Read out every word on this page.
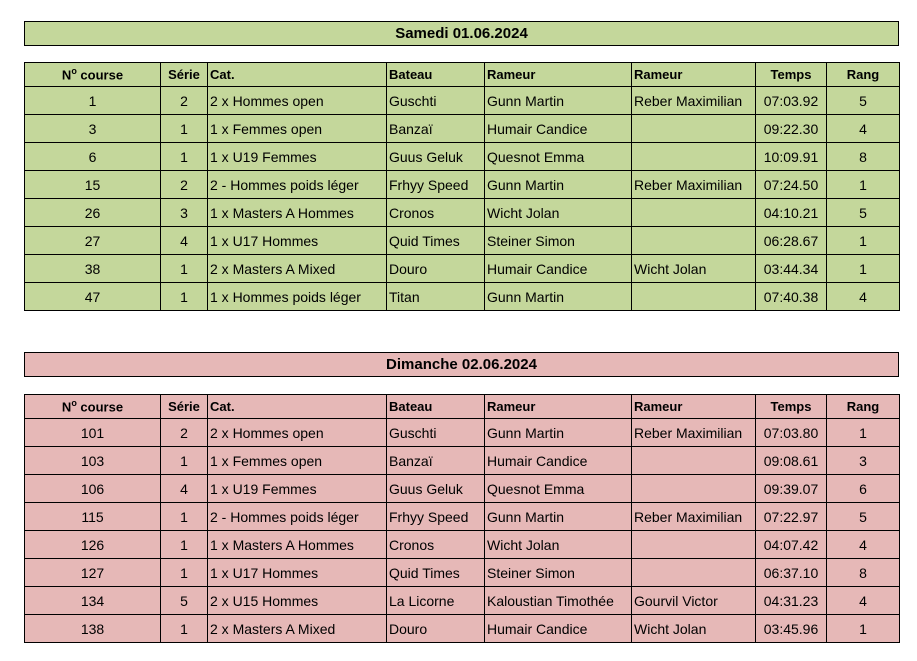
Samedi 01.06.2024
$N^o$ course	Série	Cat.	Bateau	Rameur	Rameur	Temps	Rang
1	2	2 x Hommes open	Guschti	Gunn Martin	Reber Maximilian	07:03.92	5
3	1	1 x Femmes open	Banzaï	Humair Candice		09:22.30	4
6	1	1 x U19 Femmes	Guus Geluk	Quesnot Emma		10:09.91	8
15	2	2 - Hommes poids léger	Frhyy Speed	Gunn Martin	Reber Maximilian	07:24.50	1
26	3	1 x Masters A Hommes	Cronos	Wicht Jolan		04:10.21	5
27	4	1 x U17 Hommes	Quid Times	Steiner Simon		06:28.67	1
38	1	2 x Masters A Mixed	Douro	Humair Candice	Wicht Jolan	03:44.34	1
47	1	1 x Hommes poids léger	Titan	Gunn Martin		07:40.38	4
Dimanche 02.06.2024
$N^o$ course	Série	Cat.	Bateau	Rameur	Rameur	Temps	Rang
101	2	2 x Hommes open	Guschti	Gunn Martin	Reber Maximilian	07:03.80	1
103	1	1 x Femmes open	Banzaï	Humair Candice		09:08.61	3
106	4	1 x U19 Femmes	Guus Geluk	Quesnot Emma		09:39.07	6
115	1	2 - Hommes poids léger	Frhyy Speed	Gunn Martin	Reber Maximilian	07:22.97	5
126	1	1 x Masters A Hommes	Cronos	Wicht Jolan		04:07.42	4
127	1	1 x U17 Hommes	Quid Times	Steiner Simon		06:37.10	8
134	5	2 x U15 Hommes	La Licorne	Kaloustian Timothée	Gourvil Victor	04:31.23	4
138	1	2 x Masters A Mixed	Douro	Humair Candice	Wicht Jolan	03:45.96	1
